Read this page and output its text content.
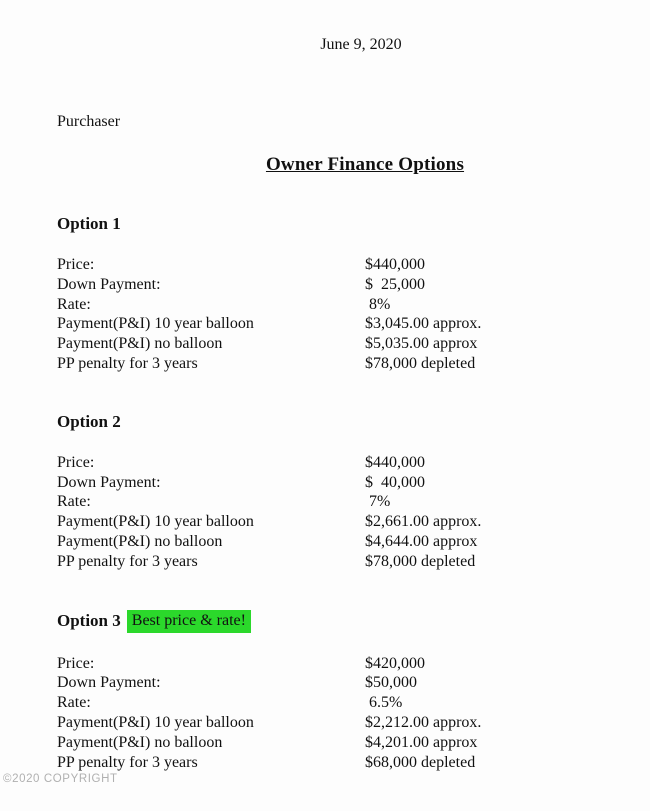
June 9, 2020
Purchaser
Owner Finance Options
Option 1
Price:	$440,000
Down Payment:	$  25,000
Rate:	8%
Payment(P&I) 10 year balloon	$3,045.00 approx.
Payment(P&I) no balloon	$5,035.00 approx
PP penalty for 3 years	$78,000 depleted
Option 2
Price:	$440,000
Down Payment:	$  40,000
Rate:	7%
Payment(P&I) 10 year balloon	$2,661.00 approx.
Payment(P&I) no balloon	$4,644.00 approx
PP penalty for 3 years	$78,000 depleted
Option 3 Best price & rate!
Price:	$420,000
Down Payment:	$50,000
Rate:	6.5%
Payment(P&I) 10 year balloon	$2,212.00 approx.
Payment(P&I) no balloon	$4,201.00 approx
PP penalty for 3 years	$68,000 depleted
©2020 COPYRIGHT
